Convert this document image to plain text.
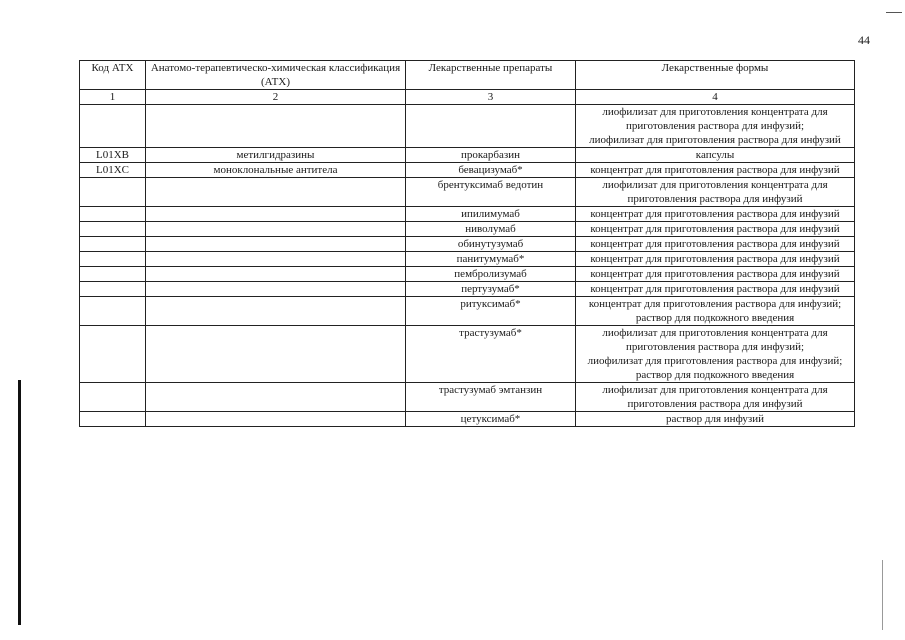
44
Код АТХ	Анатомо-терапевтическо-химическая классификация (АТХ)	Лекарственные препараты	Лекарственные формы
1	2	3	4

			лиофилизат для приготовления концентрата для приготовления раствора для инфузий;
лиофилизат для приготовления раствора для инфузий

L01XB	метилгидразины	прокарбазин	капсулы

L01XC	моноклональные антитела	бевацизумаб*	концентрат для приготовления раствора для инфузий

		брентуксимаб ведотин	лиофилизат для приготовления концентрата для приготовления раствора для инфузий

		ипилимумаб	концентрат для приготовления раствора для инфузий

		ниволумаб	концентрат для приготовления раствора для инфузий

		обинутузумаб	концентрат для приготовления раствора для инфузий

		панитумумаб*	концентрат для приготовления раствора для инфузий

		пембролизумаб	концентрат для приготовления раствора для инфузий

		пертузумаб*	концентрат для приготовления раствора для инфузий

		ритуксимаб*	концентрат для приготовления раствора для инфузий;
раствор для подкожного введения

		трастузумаб*	лиофилизат для приготовления концентрата для приготовления раствора для инфузий;
лиофилизат для приготовления раствора для инфузий;
раствор для подкожного введения

		трастузумаб эмтанзин	лиофилизат для приготовления концентрата для приготовления раствора для инфузий

		цетуксимаб*	раствор для инфузий
